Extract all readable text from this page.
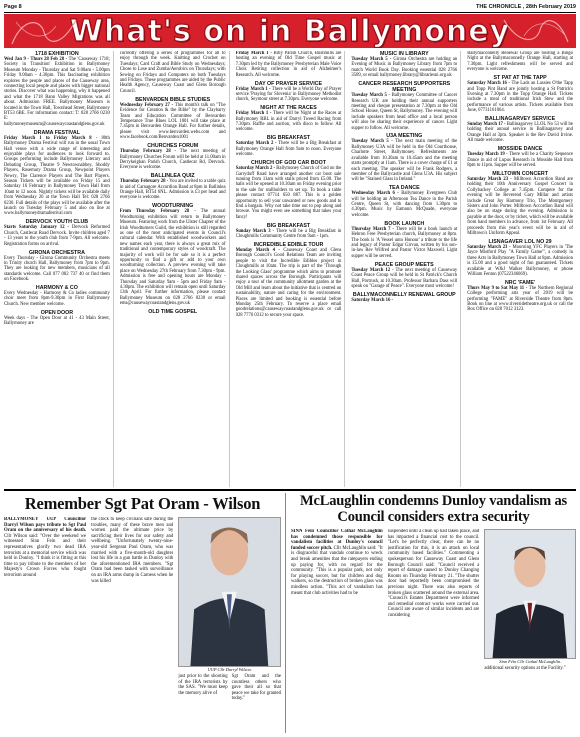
Page 8	THE CHRONICLE , 28th February 2019
What's on in Ballymoney
1718 EXHIBITION
Wed Jan 9 - Thurs 28 Feb 28 - The 'Causeway 1718; Society in Transition' Exhibition in Ballymoney Museum Monday - Thursday and Sat 9.00am - 5.00pm Friday 9.00am - 4.30pm. This fascinating exhibition explores the people and places of the Causeway area, connecting local people and places with bigger national stories. Discover what was happening, why it happened and what the 1718 Bann Valley Migrations was all about. Admission FREE. Ballymoney Museum is located in the Town Hall, Townhead Street, Ballymoney BT53 6BE. For information contact: T: 028 2766 0230 E: ballymoneymuseum@causewaycoastandglens.gov.uk
DRAMA FESTIVAL
Friday March 1 to Friday March 8 - 80th Ballymoney Drama Festival will run in the usual Town Hall venue with a wide range of interesting and enjoyable plays for audiences to look forward to. Groups performing include Ballymoney Literary and Debating Group, Theatre 9 Newtownabbey, Shoddy Players, Rosemary Drama Group, Newpoint Players Newry, The Clarence Players and The Bart Players. Season Tickets will be available on Friday 15 and Saturday 16 February in Ballymoney Town Hall from 10am to 12 noon. Nightly tickets will be available daily from Wednesday 20 at the Town Hall Tel: 028 2766 0230. Full details of the plays will be available after the launch on Tuesday February 5 and also on line at www.ballymoneydramafestival.com
DERVOCK YOUTH CLUB
Starts Saturday January 12 - Dervock Reformed Church, Castlecat Road Dervock. Invite children aged 7 - 13 years to the youth club from 7-9pm. All welcome. Registration forms on arrival.
GIRONA ORCHESTRA
Every Thursday - Girona Community Orchestra meets in Trinity church Hall, Ballymoney from 7pm to 9pm. They are looking for new members, musicians of all standards welcome. Call 077 082 737 40 or find them on Facebook.
HARMONY & CO
Every Wednesday - Harmony & Co ladies community choir meet from 8pm-9.30pm in First Ballymoney Church. New member welcome.
OPEN DOOR
Week days - The Open Door at 41 - 43 Main Street, Ballymoney are
currently offering a series of programmes for all to enjoy through the week. Knitting and Crochet on Tuesdays; Card Craft and Bible Study on Wednesdays; Chose to Lose and Zumba/Aerobics on Thursdays; with Sewing on Fridays and Computers on both Tuesdays and Fridays. These programmes are aided by the Public Health Agency, Causeway Coast and Glens Borough Council.
BENVARDEN BIBLE STUDIES
Wednesday February 27 - This month's talk on "The Evidence for Creation & the Bible" by the Claybarry Team and Education Committee of Benvarden Temperance True Blues LOL 1001 will take place at 7.45pm in Benvarden Orange Hall. For further details, please visit www.benvarden.webs.com and www.facebook.com/Benvarden1001
CHURCHES FORUM
Thursday February 28 - The next meeting of Ballymoney Churches Forum will be held at 11.00am in Derrykeighan Parish Church, Castlecat Rd, Dervock. Everyone is welcome.
BALLINLEA QUIZ
Thursday February 28 - You are invited to a table quiz in aid of Carnagore Accordion Band at 8pm in Ballinlea Orange Hall, BT54 6NL. Admission is £3 per head and everyone is welcome.
WOODTURNING
From Thursday February 28 - The annual Woodturning exhibition will return to Ballymoney Museum. Featuring work from the Ulster Chapter of the Irish Woodturners Guild, the exhibition is still regarded as one of the most anticipated events in Council's cultural calendar. With established woodworkers and new names each year, there is always a great mix of traditional and contemporary styles of woodcraft. The majority of work will be for sale so it is a perfect opportunity to find a gift or add to your own woodturning collection. A preview evening will take place on Wednesday 27th February from 7.30pm - 9pm. Admission is free and opening hours are Monday - Thursday and Saturday 9am - 5pm and Friday 9am - 4.30pm. The exhibition will remain open until Saturday 13th April. For further information, please contact Ballymoney Museum on 028 2766 0230 or email ems@causewaycoastandglens.gov.uk
OLD TIME GOSPEL
Friday March 1 - Billy Parish Church, Bushmills are hosting an evening of Old Time Gospel music at 7.30pm led by the Ballymoney Presbyterian Male Voice Choir. Retiring collection in aid of Alzheimer's Research. All welcome.
DAY OF PRAYER SERVICE
Friday March 1 - There will be a World Day of Prayer service 'Praying for Slovenia' in Ballymoney Methodist church, Seymour street at 7.30pm. Everyone welcome.
NIGHT AT THE RACES
Friday March 1 - There will be Night at the Races at Ballymoney RBL in aid of Darryl Tweed Racing from 7.30pm. Raffle and auction, with disco to follow. All welcome.
BIG BREAKFAST
Saturday March 2 - There will be a Big Breakfast at Ballymoney Orange Hall from 9am to noon. Everyone welcome.
CHURCH OF GOD CAR BOOT
Saturday March 2 - Ballymoney Church of God on the Garryduff Road have arranged another car boot sale running from 11am with stalls priced from £5.00. The halls will be opened at 10.30am on Friday evening prior to the sale for stallholders to set up. To book a table please contact 07714 650 887. This is a golden opportunity to sell your unwanted or new goods and to find a bargain. Why not take time out to pop along and browse. You might even see something that takes your fancy!
BIG BREAKFAST
Sunday March 3 - There will be a Big Breakfast in Cloughmills Community Centre from 9am - 1pm.
INCREDIBLE EDIBLE TOUR
Monday March 4 - Causeway Coast and Glens Borough Council's Good Relations Team are inviting people to visit the Incredible Edibles project in Cloughmills at 10am. The trip is part of the 'Through the Looking Glass' programme which aims to promote shared spaces across the Borough. Participants will enjoy a tour of the community allotment garden at the Old Mill and learn about the initiative that is centred on sustainability, nature and caring for the environment. Places are limited and booking is essential before Monday 25th February. To reserve a place email goodrelations@causewaycoastandglens.gov.uk or call 028 7776 0312 to secure your space.
MUSIC IN LIBRARY
Tuesday March 5 - Girona Orchestra are holding an Evening of Music in Ballymoney Library from 7pm to match World Book Day. Booking essential 028 2766 3589, or email ballymoney.library@librariesni.org.uk
CANCER RESEARCH SUPPORTERS MEETING
Tuesday March 5 - Ballymoney Committee of Cancer Research UK are holding their annual supporters meeting and cheque presentation at 7.30pm at the Old School House, Queen St, Ballymoney. The evening will include speakers from head office and a local person will also be sharing their experience of cancer. Light supper to follow. All welcome.
U3A MEETING
Tuesday March 5 - The next main meeting of the Ballymoney U3A will be held in the Old Courthouse, Charlotte Street, Ballymoney. Refreshments are available from 10.30am to 10.45am and the meeting starts promptly at 11am. There is a cover charge of £1 at each meeting. The speaker will be Frank Rodgers, a member of the Ballycastle and Glens U3A. His subject will be "Stained Glass in Ireland."
TEA DANCE
Wednesday March 6 - Ballymoney Evergreen Club will be holding an Afternoon Tea Dance in the Parish Centre, Queen St, with dancing from 1.30pm to 4.30pm. Music by Eamonn McQuade, everyone welcome.
BOOK LAUNCH
Thursday March 7 - There will be a book launch at Hebron Free Presbyterian church, Ballymoney at 8pm. The book is 'A Vessel unto Honour' a tribute to the life and legacy of Pastor Edgar Girvan, written by his son-in-law Rev Wilfred and Pastor Victor Maxwell. Light supper will be served.
PEACE GROUP MEETS
Tuesday March 12 - The next meeting of Causeway Coast Peace Group will be held in St Patrick's Church Hall, Portrush, at 10.30am. Professor Barbara Dass will speak on "Garage of Peace". Everyone most welcome!
BALLYMACONNELLY RENEWAL GROUP
Saturday March 16 -
Ballymaconnelly Renewal Group are hosting a Bingo Night at the Ballymaconnelly Orange Hall, starting at 7.30pm. Light refreshments will be served and everyone is welcome.
ST PAT AT THE TAPP
Saturday March 16 - The Lads an Lassies O'the Tapp and Topp Pint Band are jointly hosting a St Patrick's Evening at 7.30pm in the Topp Orange Hall. Tickets include a meal of traditional Irish Stew and the performance of various artists. Tickets available from June, 07731161064.
BALLINAGARVEY SERVICE
Sunday March 17 - Ballinagarvey LLOL No 53 will be holding their annual service in Ballinagarvey and Orange Hall at 3pm. Speaker is the Rev David Irvine. All made welcome.
MOSSIDE DANCE
Tuesday March 19 - There will be a Charity Sequence Dance in aid of Lupus Research in Mosside Hall from 8pm to 11pm. Supper will be served.
MILLTOWN CONCERT
Saturday March 23 - Milltown Accordion Band are holding their 10th Anniversary Gospel Concert in Collybackey College at 7.45pm. Compere for the evening will be Reverend Gary Millar and artists include Great Joy Harmony Trio, The Montgomery Sisters and John Porter. Milltown Accordion Band will also be on stage during the evening. Admission is payable at the door, or by ticket, which will be available from band members in advance, from 1st February. All proceeds from this year's event will be in aid of Milltown's Uniform Appeal.
LISNAGAVER LOL NO 29
Saturday March 23 - Mourning YFC Players in 'The Jayce Mistford Play "A Family Game"', a comedy in three Acts in Ballymoney Town Hall at 8pm. Admission is £5.00 and a good night of fun guaranteed. Tickets available at W&J Walker Ballymoney, or phone William Fenton (07522346669).
NRC 'FAME'
Thurs May 9 to Sat May 11 - The Northern Regional College performing arts year of 2019 will be performing "FAME" at Riverside Theatre from 8pm. Book on line at www.riversidetheatre.org.uk or call the Box Office on 028 7012 3123.
Remember Sgt Pat Oram - Wilson
BALLYMONEY UUP Councillor Darryl Wilson pays tribute to Sgt Paul Oram on the anniversary of his death. Cllr Wilson said: "Over the weekend we witnessed Sinn Fein and their representatives glorify two dead IRA terrorists at a memorial service which was held in Dunloy. "I think it is fitting at this time to pay tribute to the members of her Majesty's Crown Forces who fought terrorism around
the clock to keep civilians safe during the troubles, many of these brave men and women paid the ultimate price by sacrificing their lives for our safety and wellbeing. "Unfortunately twenty-nine-year-old Sergeant Paul Oram, who was married with a five-month-old daughter lost his life in a gun battle in Dunloy with the aforementioned IRA members. "Sgt Oram had been tasked with surveillance on an IRA arms dump in Carness when he was killed
UUP Cllr Darryl Wilson.
just prior to the shooting of the IRA terrorists by the SAS. "We must keep the memory alive of
Sgt Oram and the countless others who gave their all so that peace we take for granted today."
McLaughlin condemns Dunloy vandalism as Council considers extra security
SINN Féin Councillor Cathal McLaughlin has condemned those responsible for vandalism facilities at Dunloy's council funded soccer pitch. Cllr McLaughlin said: "It is disgraceful that vandals continue to wreck and break amenities that the ratepayers ending up paying for, with no regard for the community. "This is a popular park, not only for playing soccer, but for children and dog walkers, so the destruction of broken glass was mindless action. "This act of vandalism has meant that club activities had to be
suspended until a clean up had taken place, and has impacted a financial cost to the council. "Let's be perfectly clear, there can be no justification for this, it is an attack on local community based facilities." Commenting a spokesperson for Causeway Coast and Glens Borough Council said: "Council received a report of damage caused to Dunloy Changing Rooms on Thursday February 21. "The shutter door had reportedly been compromised the previous night. There was also reports of broken glass scattered around the external area. "Council's Estates Department were informed and remedial contract works were carried out. Council are aware of similar incidents and are considering
Sinn Féin Cllr Cathal McLaughlin.
additional security options at the Facility."
